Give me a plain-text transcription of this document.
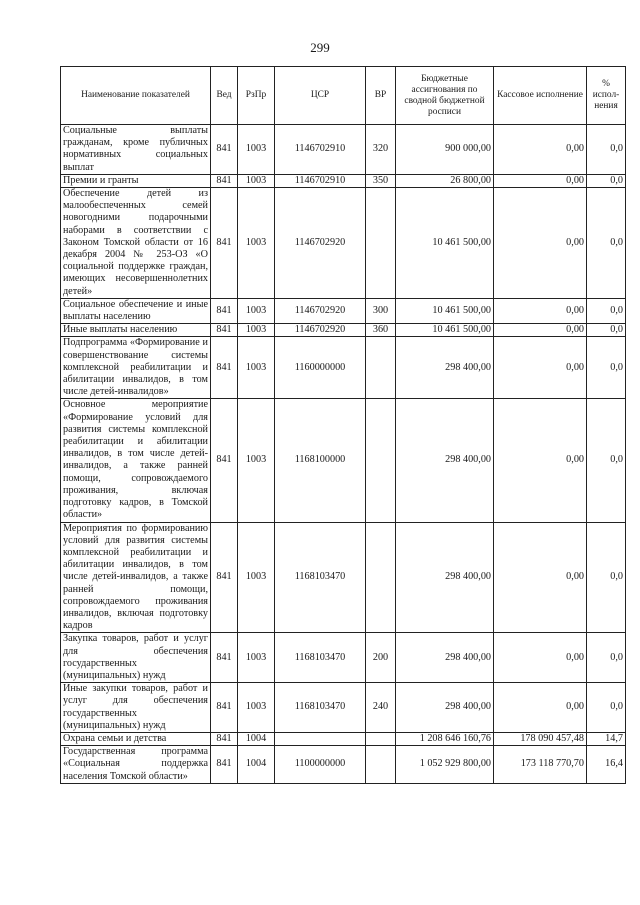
299
Наименование показателей	Вед	РзПр	ЦСР	ВР	Бюджетные ассигнования по сводной бюджетной росписи	Кассовое исполнение	% испол-нения
Социальные выплаты гражданам, кроме публичных нормативных социальных выплат	841	1003	1146702910	320	900 000,00	0,00	0,0
Премии и гранты	841	1003	1146702910	350	26 800,00	0,00	0,0
Обеспечение детей из малообеспеченных семей новогодними подарочными наборами в соответствии с Законом Томской области от 16 декабря 2004 № 253-ОЗ «О социальной поддержке граждан, имеющих несовершеннолетних детей»	841	1003	1146702920		10 461 500,00	0,00	0,0
Социальное обеспечение и иные выплаты населению	841	1003	1146702920	300	10 461 500,00	0,00	0,0
Иные выплаты населению	841	1003	1146702920	360	10 461 500,00	0,00	0,0
Подпрограмма «Формирование и совершенствование системы комплексной реабилитации и абилитации инвалидов, в том числе детей-инвалидов»	841	1003	1160000000		298 400,00	0,00	0,0
Основное мероприятие «Формирование условий для развития системы комплексной реабилитации и абилитации инвалидов, в том числе детей-инвалидов, а также ранней помощи, сопровождаемого проживания, включая подготовку кадров, в Томской области»	841	1003	1168100000		298 400,00	0,00	0,0
Мероприятия по формированию условий для развития системы комплексной реабилитации и абилитации инвалидов, в том числе детей-инвалидов, а также ранней помощи, сопровождаемого проживания инвалидов, включая подготовку кадров	841	1003	1168103470		298 400,00	0,00	0,0
Закупка товаров, работ и услуг для обеспечения государственных (муниципальных) нужд	841	1003	1168103470	200	298 400,00	0,00	0,0
Иные закупки товаров, работ и услуг для обеспечения государственных (муниципальных) нужд	841	1003	1168103470	240	298 400,00	0,00	0,0
Охрана семьи и детства	841	1004			1 208 646 160,76	178 090 457,48	14,7
Государственная программа «Социальная поддержка населения Томской области»	841	1004	1100000000		1 052 929 800,00	173 118 770,70	16,4
